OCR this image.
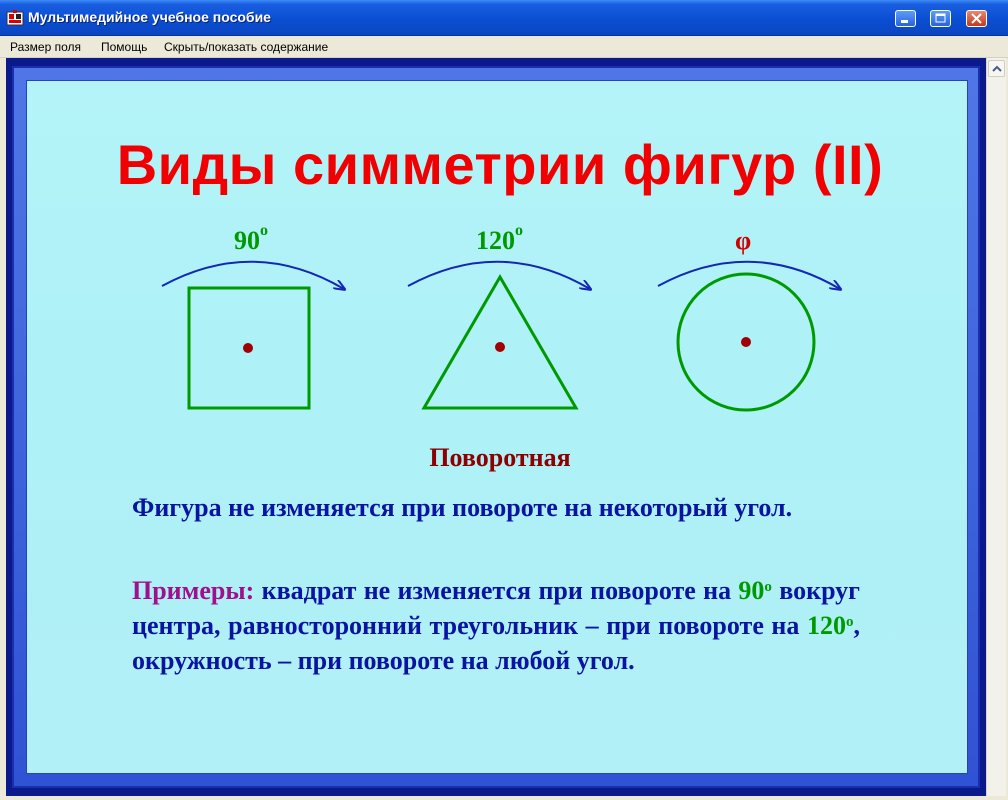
Мультимедийное учебное пособие
Размер поля Помощь Скрыть/показать содержание
Виды симметрии фигур (II)
$90^о$	$120^о$	φ
Поворотная
Фигура не изменяется при повороте на некоторый угол.
Примеры: квадрат не изменяется при повороте на $90^о$ вокруг центра, равносторонний треугольник – при повороте на $120^о$, окружность – при повороте на любой угол.
